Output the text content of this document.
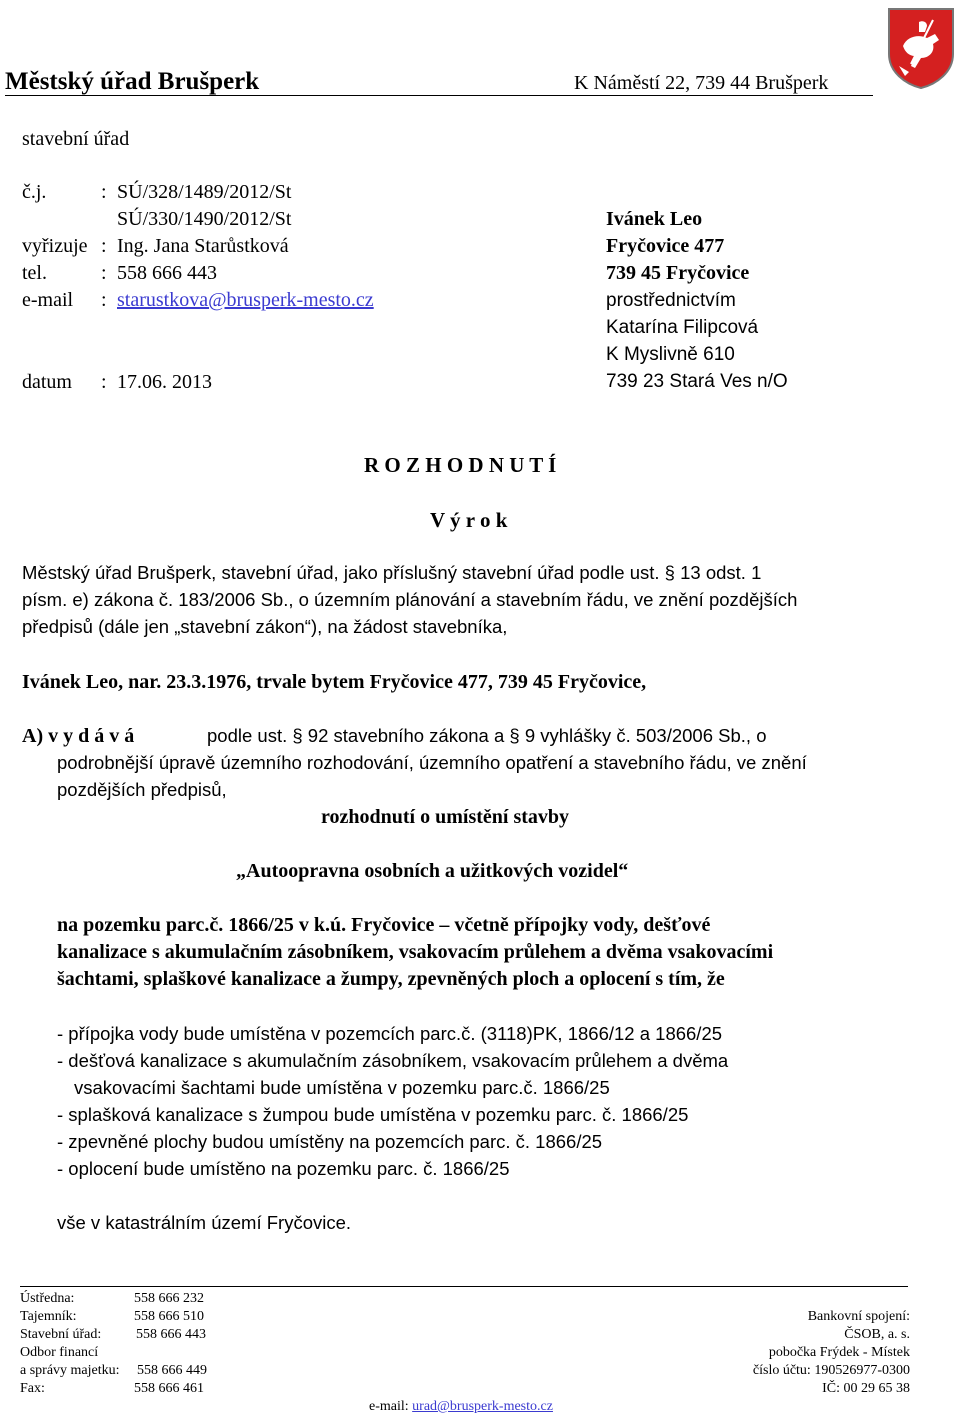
Městský úřad Brušperk	K Náměstí 22, 739 44 Brušperk
stavební úřad
č.j.	: SÚ/328/1489/2012/St
SÚ/330/1490/2012/St
vyřizuje : Ing. Jana Starůstková
tel.	: 558 666 443
e-mail : starustkova@brusperk-mesto.cz
datum : 17.06. 2013
Ivánek Leo
Fryčovice 477
739 45 Fryčovice
prostřednictvím
Katarína Filipcová
K Myslivně 610
739 23 Stará Ves n/O
R O Z H O D N U T Í
V ý r o k
Městský úřad Brušperk, stavební úřad, jako příslušný stavební úřad podle ust. § 13 odst. 1
písm. e) zákona č. 183/2006 Sb., o územním plánování a stavebním řádu, ve znění pozdějších
předpisů (dále jen „stavební zákon“), na žádost stavebníka,
Ivánek Leo, nar. 23.3.1976, trvale bytem Fryčovice 477, 739 45 Fryčovice,
A) v y d á v á	podle ust. § 92 stavebního zákona a § 9 vyhlášky č. 503/2006 Sb., o
podrobnější úpravě územního rozhodování, územního opatření a stavebního řádu, ve znění
pozdějších předpisů,
rozhodnutí o umístění stavby
„Autoopravna osobních a užitkových vozidel“
na pozemku parc.č. 1866/25 v k.ú. Fryčovice – včetně přípojky vody, dešťové
kanalizace s akumulačním zásobníkem, vsakovacím průlehem a dvěma vsakovacími
šachtami, splaškové kanalizace a žumpy, zpevněných ploch a oplocení s tím, že
- přípojka vody bude umístěna v pozemcích parc.č. (3118)PK, 1866/12 a 1866/25
- dešťová kanalizace s akumulačním zásobníkem, vsakovacím průlehem a dvěma
vsakovacími šachtami bude umístěna v pozemku parc.č. 1866/25
- splašková kanalizace s žumpou bude umístěna v pozemku parc. č. 1866/25
- zpevněné plochy budou umístěny na pozemcích parc. č. 1866/25
- oplocení bude umístěno na pozemku parc. č. 1866/25
vše v katastrálním území Fryčovice.
Ústředna:	558 666 232
Tajemník:	558 666 510
Stavební úřad: 558 666 443
Odbor financí
a správy majetku: 558 666 449
Fax:	558 666 461
Bankovní spojení:
ČSOB, a. s.
pobočka Frýdek - Místek
číslo účtu: 190526977-0300
IČ: 00 29 65 38
e-mail: urad@brusperk-mesto.cz
